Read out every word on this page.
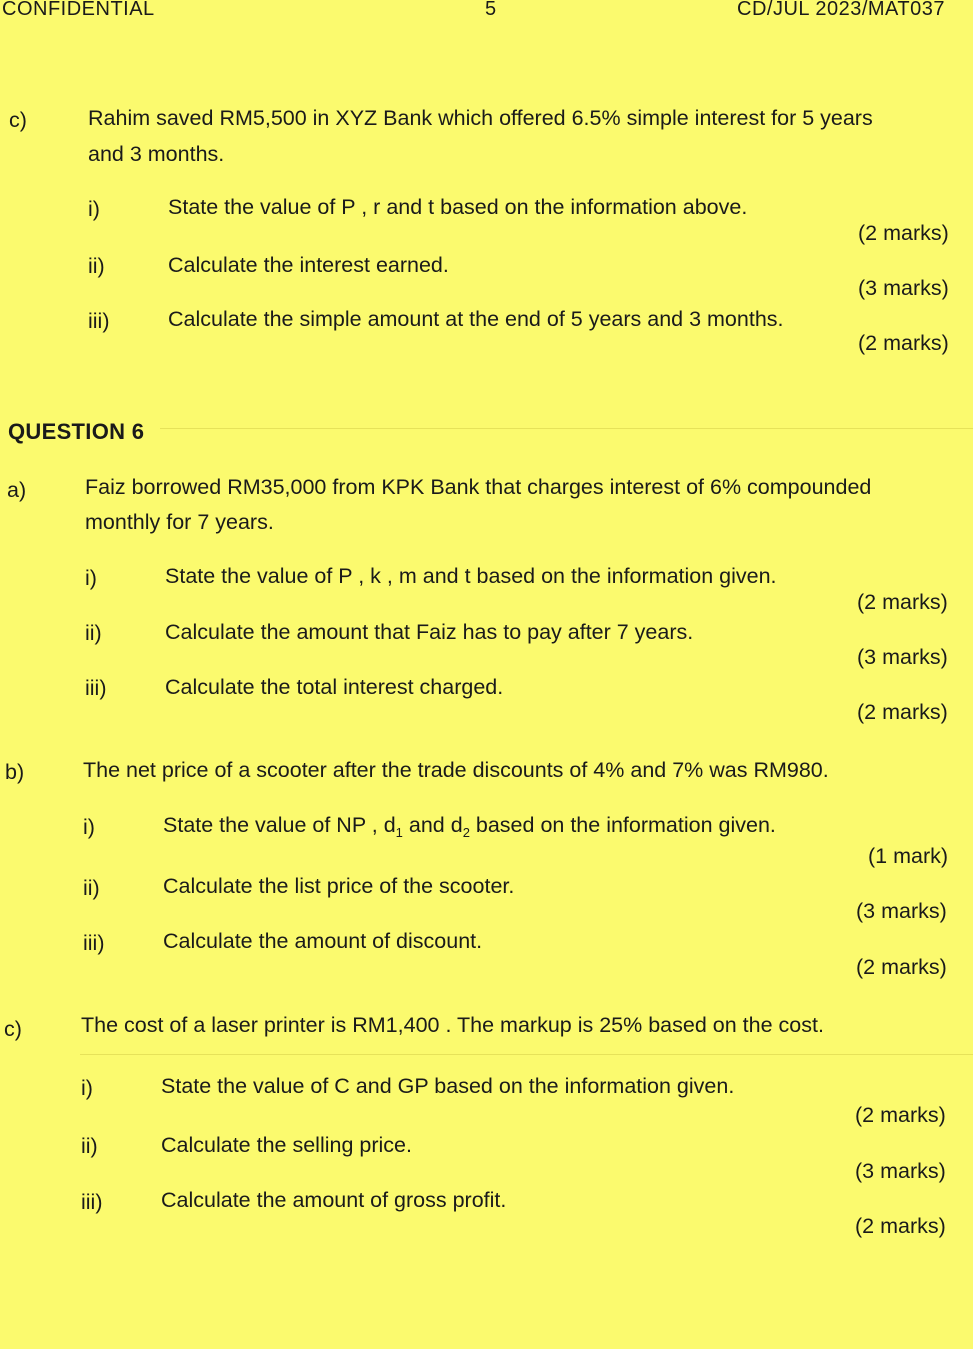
CONFIDENTIAL	5	CD/JUL 2023/MAT037
c)	Rahim saved RM5,500 in XYZ Bank which offered 6.5% simple interest for 5 years
and 3 months.
i)	State the value of P , r and t based on the information above.
(2 marks)
ii)	Calculate the interest earned.
(3 marks)
iii)	Calculate the simple amount at the end of 5 years and 3 months.
(2 marks)
QUESTION 6
a)	Faiz borrowed RM35,000 from KPK Bank that charges interest of 6% compounded
monthly for 7 years.
i)	State the value of P , k , m and t based on the information given.
(2 marks)
ii)	Calculate the amount that Faiz has to pay after 7 years.
(3 marks)
iii)	Calculate the total interest charged.
(2 marks)
b)	The net price of a scooter after the trade discounts of 4% and 7% was RM980.
i)	State the value of NP , $d_1$ and $d_2$ based on the information given.
(1 mark)
ii)	Calculate the list price of the scooter.
(3 marks)
iii)	Calculate the amount of discount.
(2 marks)
c)	The cost of a laser printer is RM1,400 . The markup is 25% based on the cost.
i)	State the value of C and GP based on the information given.
(2 marks)
ii)	Calculate the selling price.
(3 marks)
iii)	Calculate the amount of gross profit.
(2 marks)
